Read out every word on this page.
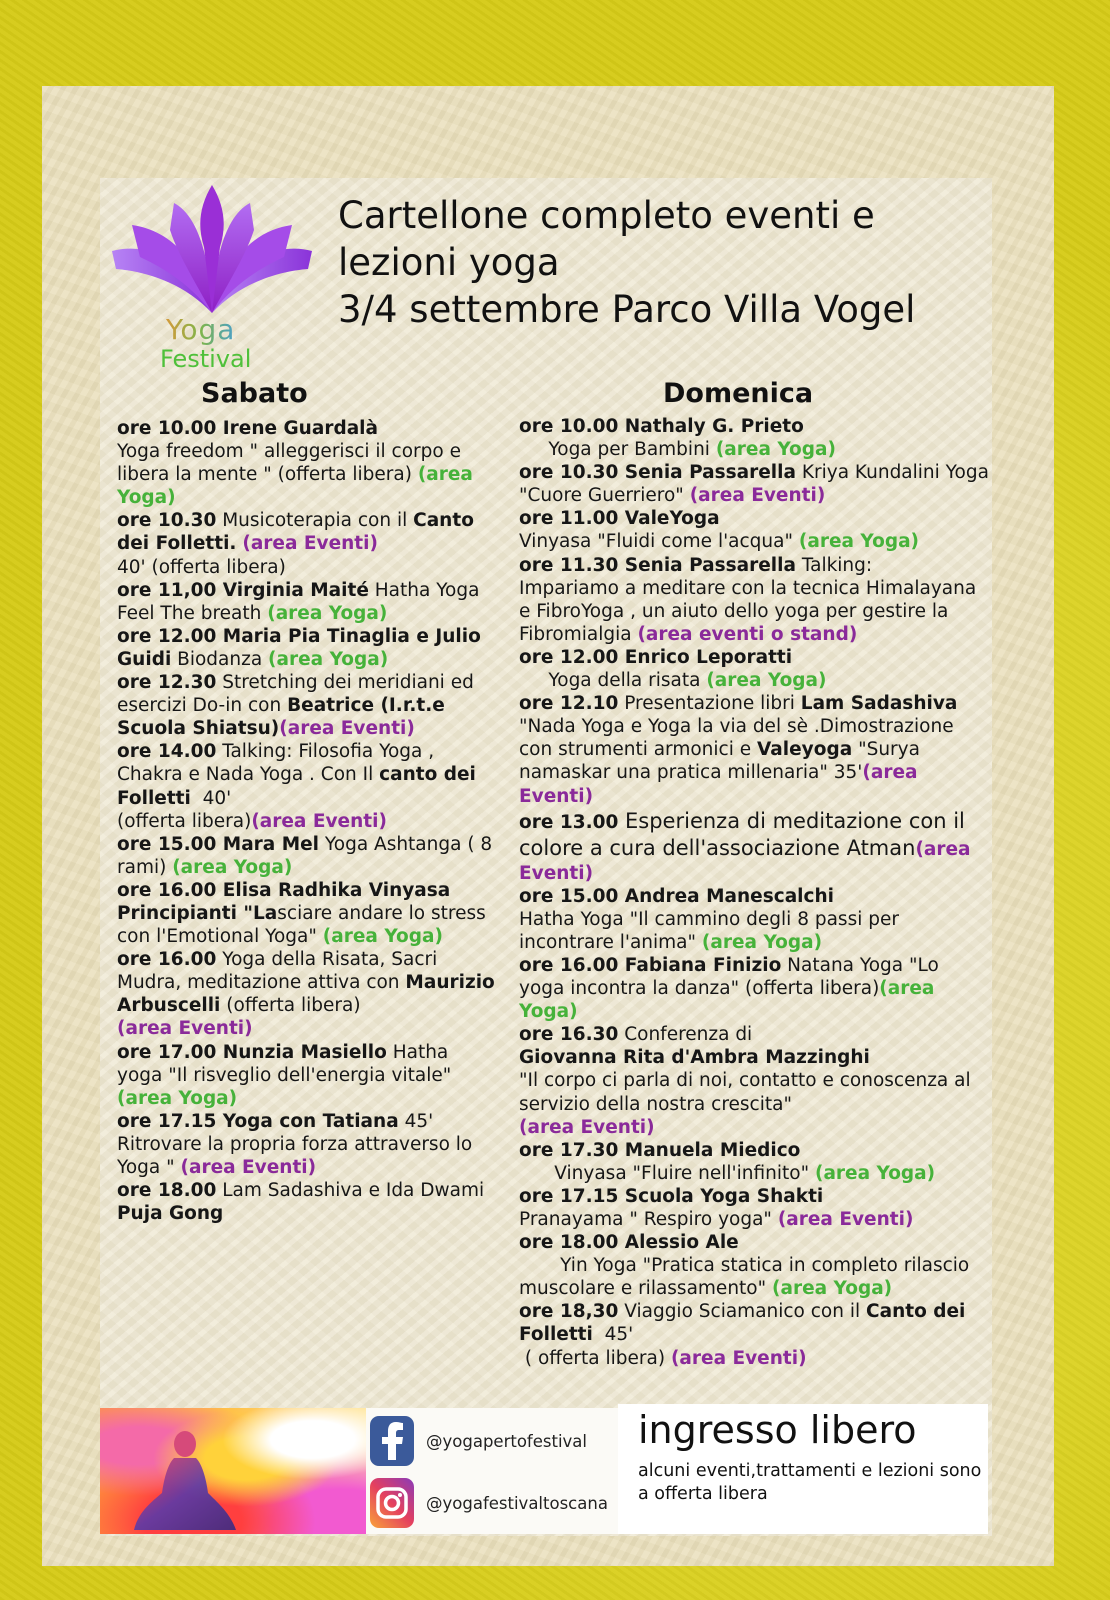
Yoga
Festival
Cartellone completo eventi e
lezioni yoga
3/4 settembre Parco Villa Vogel
Sabato	Domenica
ore 10.00 Irene Guardalà
Yoga freedom " alleggerisci il corpo e libera la mente " (offerta libera) (area Yoga)
ore 10.30 Musicoterapia con il Canto dei Folletti. (area Eventi)
40' (offerta libera)
ore 11,00 Virginia Maité Hatha Yoga Feel The breath (area Yoga)
ore 12.00 Maria Pia Tinaglia e Julio Guidi Biodanza (area Yoga)
ore 12.30 Stretching dei meridiani ed esercizi Do-in con Beatrice (I.r.t.e Scuola Shiatsu)(area Eventi)
ore 14.00 Talking: Filosofia Yoga , Chakra e Nada Yoga . Con Il canto dei Folletti  40'
(offerta libera)(area Eventi)
ore 15.00 Mara Mel Yoga Ashtanga ( 8 rami) (area Yoga)
ore 16.00 Elisa Radhika Vinyasa Principianti "Lasciare andare lo stress con l'Emotional Yoga" (area Yoga)
ore 16.00 Yoga della Risata, Sacri Mudra, meditazione attiva con Maurizio Arbuscelli (offerta libera)
(area Eventi)
ore 17.00 Nunzia Masiello Hatha yoga "Il risveglio dell'energia vitale"
(area Yoga)
ore 17.15 Yoga con Tatiana 45'
Ritrovare la propria forza attraverso lo Yoga " (area Eventi)
ore 18.00 Lam Sadashiva e Ida Dwami Puja Gong
ore 10.00 Nathaly G. Prieto
Yoga per Bambini (area Yoga)
ore 10.30 Senia Passarella Kriya Kundalini Yoga "Cuore Guerriero" (area Eventi)
ore 11.00 ValeYoga
Vinyasa "Fluidi come l'acqua" (area Yoga)
ore 11.30 Senia Passarella Talking:
Impariamo a meditare con la tecnica Himalayana e FibroYoga , un aiuto dello yoga per gestire la Fibromialgia (area eventi o stand)
ore 12.00 Enrico Leporatti
Yoga della risata (area Yoga)
ore 12.10 Presentazione libri Lam Sadashiva
"Nada Yoga e Yoga la via del sè .Dimostrazione con strumenti armonici e Valeyoga "Surya namaskar una pratica millenaria" 35'(area Eventi)
ore 13.00 Esperienza di meditazione con il colore a cura dell'associazione Atman(area Eventi)
ore 15.00 Andrea Manescalchi
Hatha Yoga "Il cammino degli 8 passi per incontrare l'anima" (area Yoga)
ore 16.00 Fabiana Finizio Natana Yoga "Lo yoga incontra la danza" (offerta libera)(area Yoga)
ore 16.30 Conferenza di
Giovanna Rita d'Ambra Mazzinghi
"Il corpo ci parla di noi, contatto e conoscenza al servizio della nostra crescita"
(area Eventi)
ore 17.30 Manuela Miedico
Vinyasa "Fluire nell'infinito" (area Yoga)
ore 17.15 Scuola Yoga Shakti
Pranayama " Respiro yoga" (area Eventi)
ore 18.00 Alessio Ale
Yin Yoga "Pratica statica in completo rilascio muscolare e rilassamento" (area Yoga)
ore 18,30 Viaggio Sciamanico con il Canto dei Folletti  45'
( offerta libera) (area Eventi)
@yogapertofestival
@yogafestivaltoscana
ingresso libero
alcuni eventi,trattamenti e lezioni sono a offerta libera
